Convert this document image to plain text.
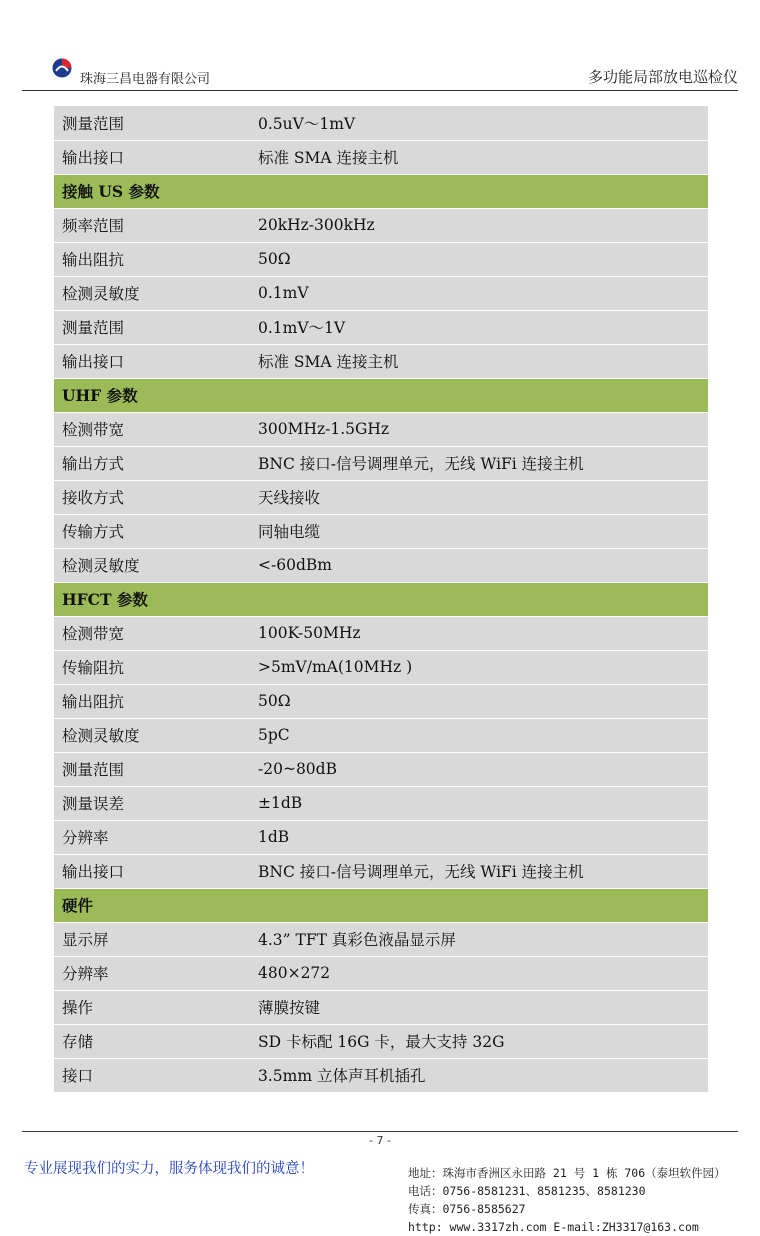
珠海三昌电器有限公司	多功能局部放电巡检仪
测量范围	0.5uV～1mV
输出接口	标准 SMA 连接主机
接触 US 参数	
频率范围	20kHz-300kHz
输出阻抗	50Ω
检测灵敏度	0.1mV
测量范围	0.1mV～1V
输出接口	标准 SMA 连接主机
UHF 参数	
检测带宽	300MHz-1.5GHz
输出方式	BNC 接口-信号调理单元，无线 WiFi 连接主机
接收方式	天线接收
传输方式	同轴电缆
检测灵敏度	<-60dBm
HFCT 参数	
检测带宽	100K-50MHz
传输阻抗	>5mV/mA(10MHz )
输出阻抗	50Ω
检测灵敏度	5pC
测量范围	-20~80dB
测量误差	±1dB
分辨率	1dB
输出接口	BNC 接口-信号调理单元，无线 WiFi 连接主机
硬件	
显示屏	4.3” TFT 真彩色液晶显示屏
分辨率	480×272
操作	薄膜按键
存储	SD 卡标配 16G 卡，最大支持 32G
接口	3.5mm 立体声耳机插孔
- 7 -
专业展现我们的实力，服务体现我们的诚意！	地址：珠海市香洲区永田路 21 号 1 栋 706（泰坦软件园）
电话：0756-8581231、8581235、8581230
传真：0756-8585627
http: www.3317zh.com E-mail:ZH3317@163.com
